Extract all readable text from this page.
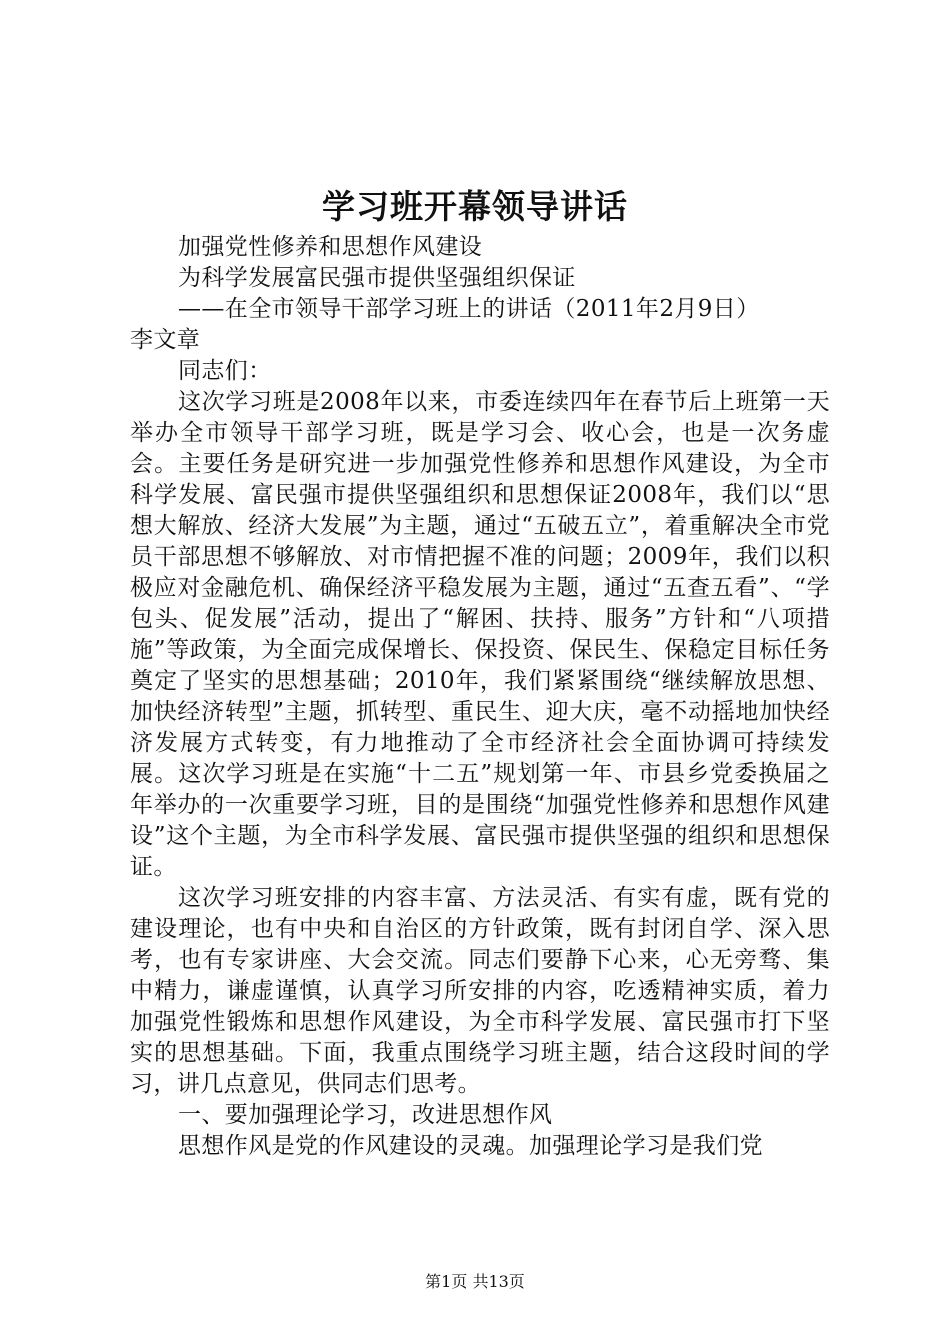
学习班开幕领导讲话

加强党性修养和思想作风建设

为科学发展富民强市提供坚强组织保证

——在全市领导干部学习班上的讲话（2011年2月9日）

李文章

同志们：

这次学习班是2008年以来，市委连续四年在春节后上班第一天举办全市领导干部学习班，既是学习会、收心会，也是一次务虚会。主要任务是研究进一步加强党性修养和思想作风建设，为全市科学发展、富民强市提供坚强组织和思想保证2008年，我们以“思想大解放、经济大发展”为主题，通过“五破五立”，着重解决全市党员干部思想不够解放、对市情把握不准的问题；2009年，我们以积极应对金融危机、确保经济平稳发展为主题，通过“五查五看”、“学包头、促发展”活动，提出了“解困、扶持、服务”方针和“八项措施”等政策，为全面完成保增长、保投资、保民生、保稳定目标任务奠定了坚实的思想基础；2010年，我们紧紧围绕“继续解放思想、加快经济转型”主题，抓转型、重民生、迎大庆，毫不动摇地加快经济发展方式转变，有力地推动了全市经济社会全面协调可持续发展。这次学习班是在实施“十二五”规划第一年、市县乡党委换届之年举办的一次重要学习班，目的是围绕“加强党性修养和思想作风建设”这个主题，为全市科学发展、富民强市提供坚强的组织和思想保证。

这次学习班安排的内容丰富、方法灵活、有实有虚，既有党的建设理论，也有中央和自治区的方针政策，既有封闭自学、深入思考，也有专家讲座、大会交流。同志们要静下心来，心无旁骛、集中精力，谦虚谨慎，认真学习所安排的内容，吃透精神实质，着力加强党性锻炼和思想作风建设，为全市科学发展、富民强市打下坚实的思想基础。下面，我重点围绕学习班主题，结合这段时间的学习，讲几点意见，供同志们思考。

一、要加强理论学习，改进思想作风

思想作风是党的作风建设的灵魂。加强理论学习是我们党

第1页 共13页
